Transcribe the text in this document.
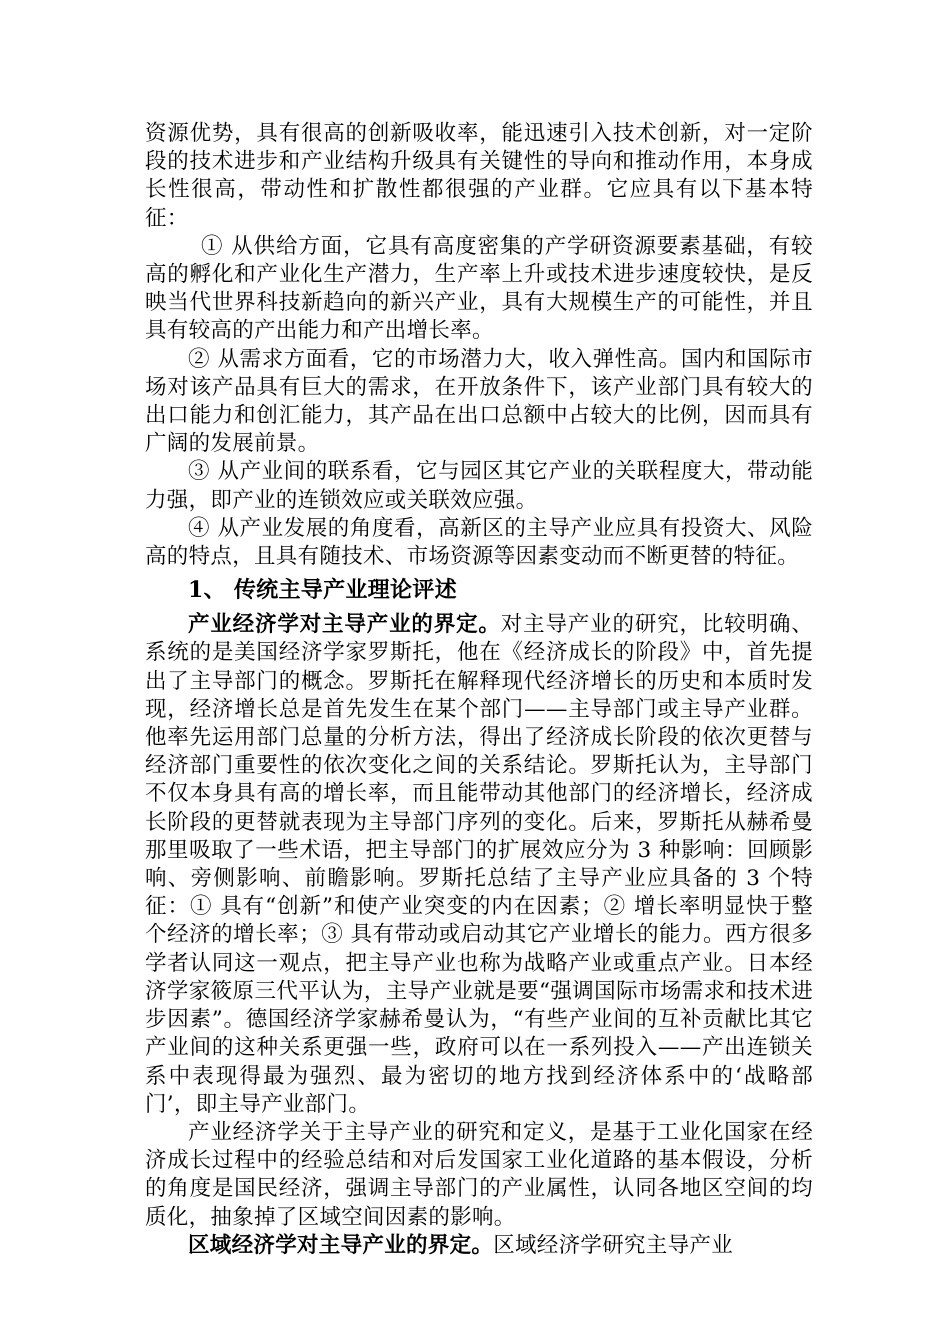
资源优势，具有很高的创新吸收率，能迅速引入技术创新，对一定阶段的技术进步和产业结构升级具有关键性的导向和推动作用，本身成长性很高，带动性和扩散性都很强的产业群。它应具有以下基本特征：

① 从供给方面，它具有高度密集的产学研资源要素基础，有较高的孵化和产业化生产潜力，生产率上升或技术进步速度较快，是反映当代世界科技新趋向的新兴产业，具有大规模生产的可能性，并且具有较高的产出能力和产出增长率。

② 从需求方面看，它的市场潜力大，收入弹性高。国内和国际市场对该产品具有巨大的需求，在开放条件下，该产业部门具有较大的出口能力和创汇能力，其产品在出口总额中占较大的比例，因而具有广阔的发展前景。

③ 从产业间的联系看，它与园区其它产业的关联程度大，带动能力强，即产业的连锁效应或关联效应强。

④ 从产业发展的角度看，高新区的主导产业应具有投资大、风险高的特点，且具有随技术、市场资源等因素变动而不断更替的特征。

1、 传统主导产业理论评述

产业经济学对主导产业的界定。对主导产业的研究，比较明确、系统的是美国经济学家罗斯托，他在《经济成长的阶段》中，首先提出了主导部门的概念。罗斯托在解释现代经济增长的历史和本质时发现，经济增长总是首先发生在某个部门——主导部门或主导产业群。他率先运用部门总量的分析方法，得出了经济成长阶段的依次更替与经济部门重要性的依次变化之间的关系结论。罗斯托认为，主导部门不仅本身具有高的增长率，而且能带动其他部门的经济增长，经济成长阶段的更替就表现为主导部门序列的变化。后来，罗斯托从赫希曼那里吸取了一些术语，把主导部门的扩展效应分为 3 种影响：回顾影响、旁侧影响、前瞻影响。罗斯托总结了主导产业应具备的 3 个特征：① 具有“创新”和使产业突变的内在因素；② 增长率明显快于整个经济的增长率；③ 具有带动或启动其它产业增长的能力。西方很多学者认同这一观点，把主导产业也称为战略产业或重点产业。日本经济学家筱原三代平认为，主导产业就是要“强调国际市场需求和技术进步因素”。德国经济学家赫希曼认为，“有些产业间的互补贡献比其它产业间的这种关系更强一些，政府可以在一系列投入——产出连锁关系中表现得最为强烈、最为密切的地方找到经济体系中的‘战略部门’，即主导产业部门。

产业经济学关于主导产业的研究和定义，是基于工业化国家在经济成长过程中的经验总结和对后发国家工业化道路的基本假设，分析的角度是国民经济，强调主导部门的产业属性，认同各地区空间的均质化，抽象掉了区域空间因素的影响。

区域经济学对主导产业的界定。区域经济学研究主导产业
